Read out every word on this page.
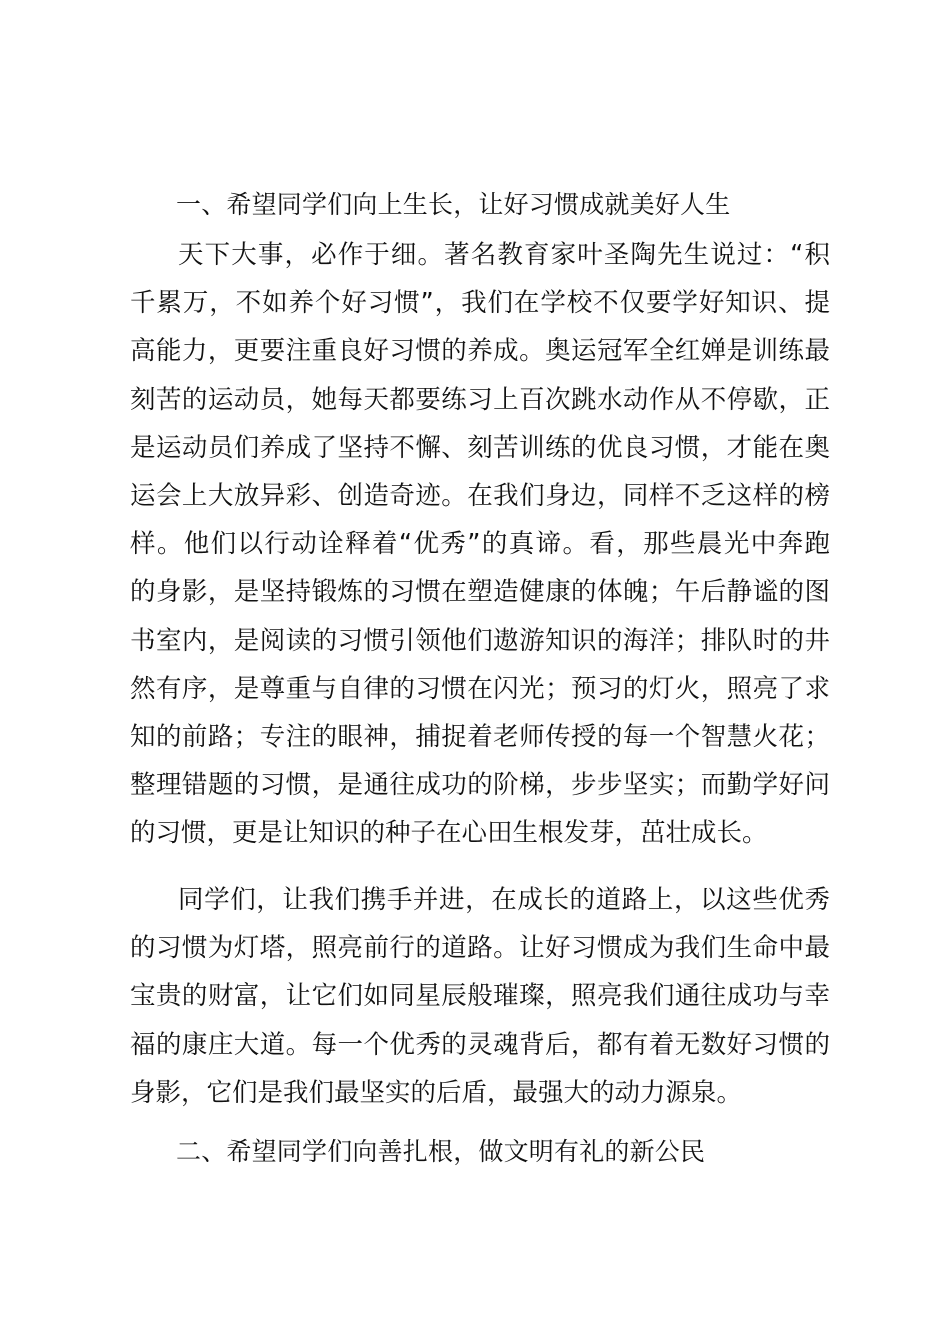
一、希望同学们向上生长，让好习惯成就美好人生
天下大事，必作于细。著名教育家叶圣陶先生说过：“积
千累万，不如养个好习惯”，我们在学校不仅要学好知识、提
高能力，更要注重良好习惯的养成。奥运冠军全红婵是训练最
刻苦的运动员，她每天都要练习上百次跳水动作从不停歇，正
是运动员们养成了坚持不懈、刻苦训练的优良习惯，才能在奥
运会上大放异彩、创造奇迹。在我们身边，同样不乏这样的榜
样。他们以行动诠释着“优秀”的真谛。看，那些晨光中奔跑
的身影，是坚持锻炼的习惯在塑造健康的体魄；午后静谧的图
书室内，是阅读的习惯引领他们遨游知识的海洋；排队时的井
然有序，是尊重与自律的习惯在闪光；预习的灯火，照亮了求
知的前路；专注的眼神，捕捉着老师传授的每一个智慧火花；
整理错题的习惯，是通往成功的阶梯，步步坚实；而勤学好问
的习惯，更是让知识的种子在心田生根发芽，茁壮成长。
同学们，让我们携手并进，在成长的道路上，以这些优秀
的习惯为灯塔，照亮前行的道路。让好习惯成为我们生命中最
宝贵的财富，让它们如同星辰般璀璨，照亮我们通往成功与幸
福的康庄大道。每一个优秀的灵魂背后，都有着无数好习惯的
身影，它们是我们最坚实的后盾，最强大的动力源泉。
二、希望同学们向善扎根，做文明有礼的新公民
